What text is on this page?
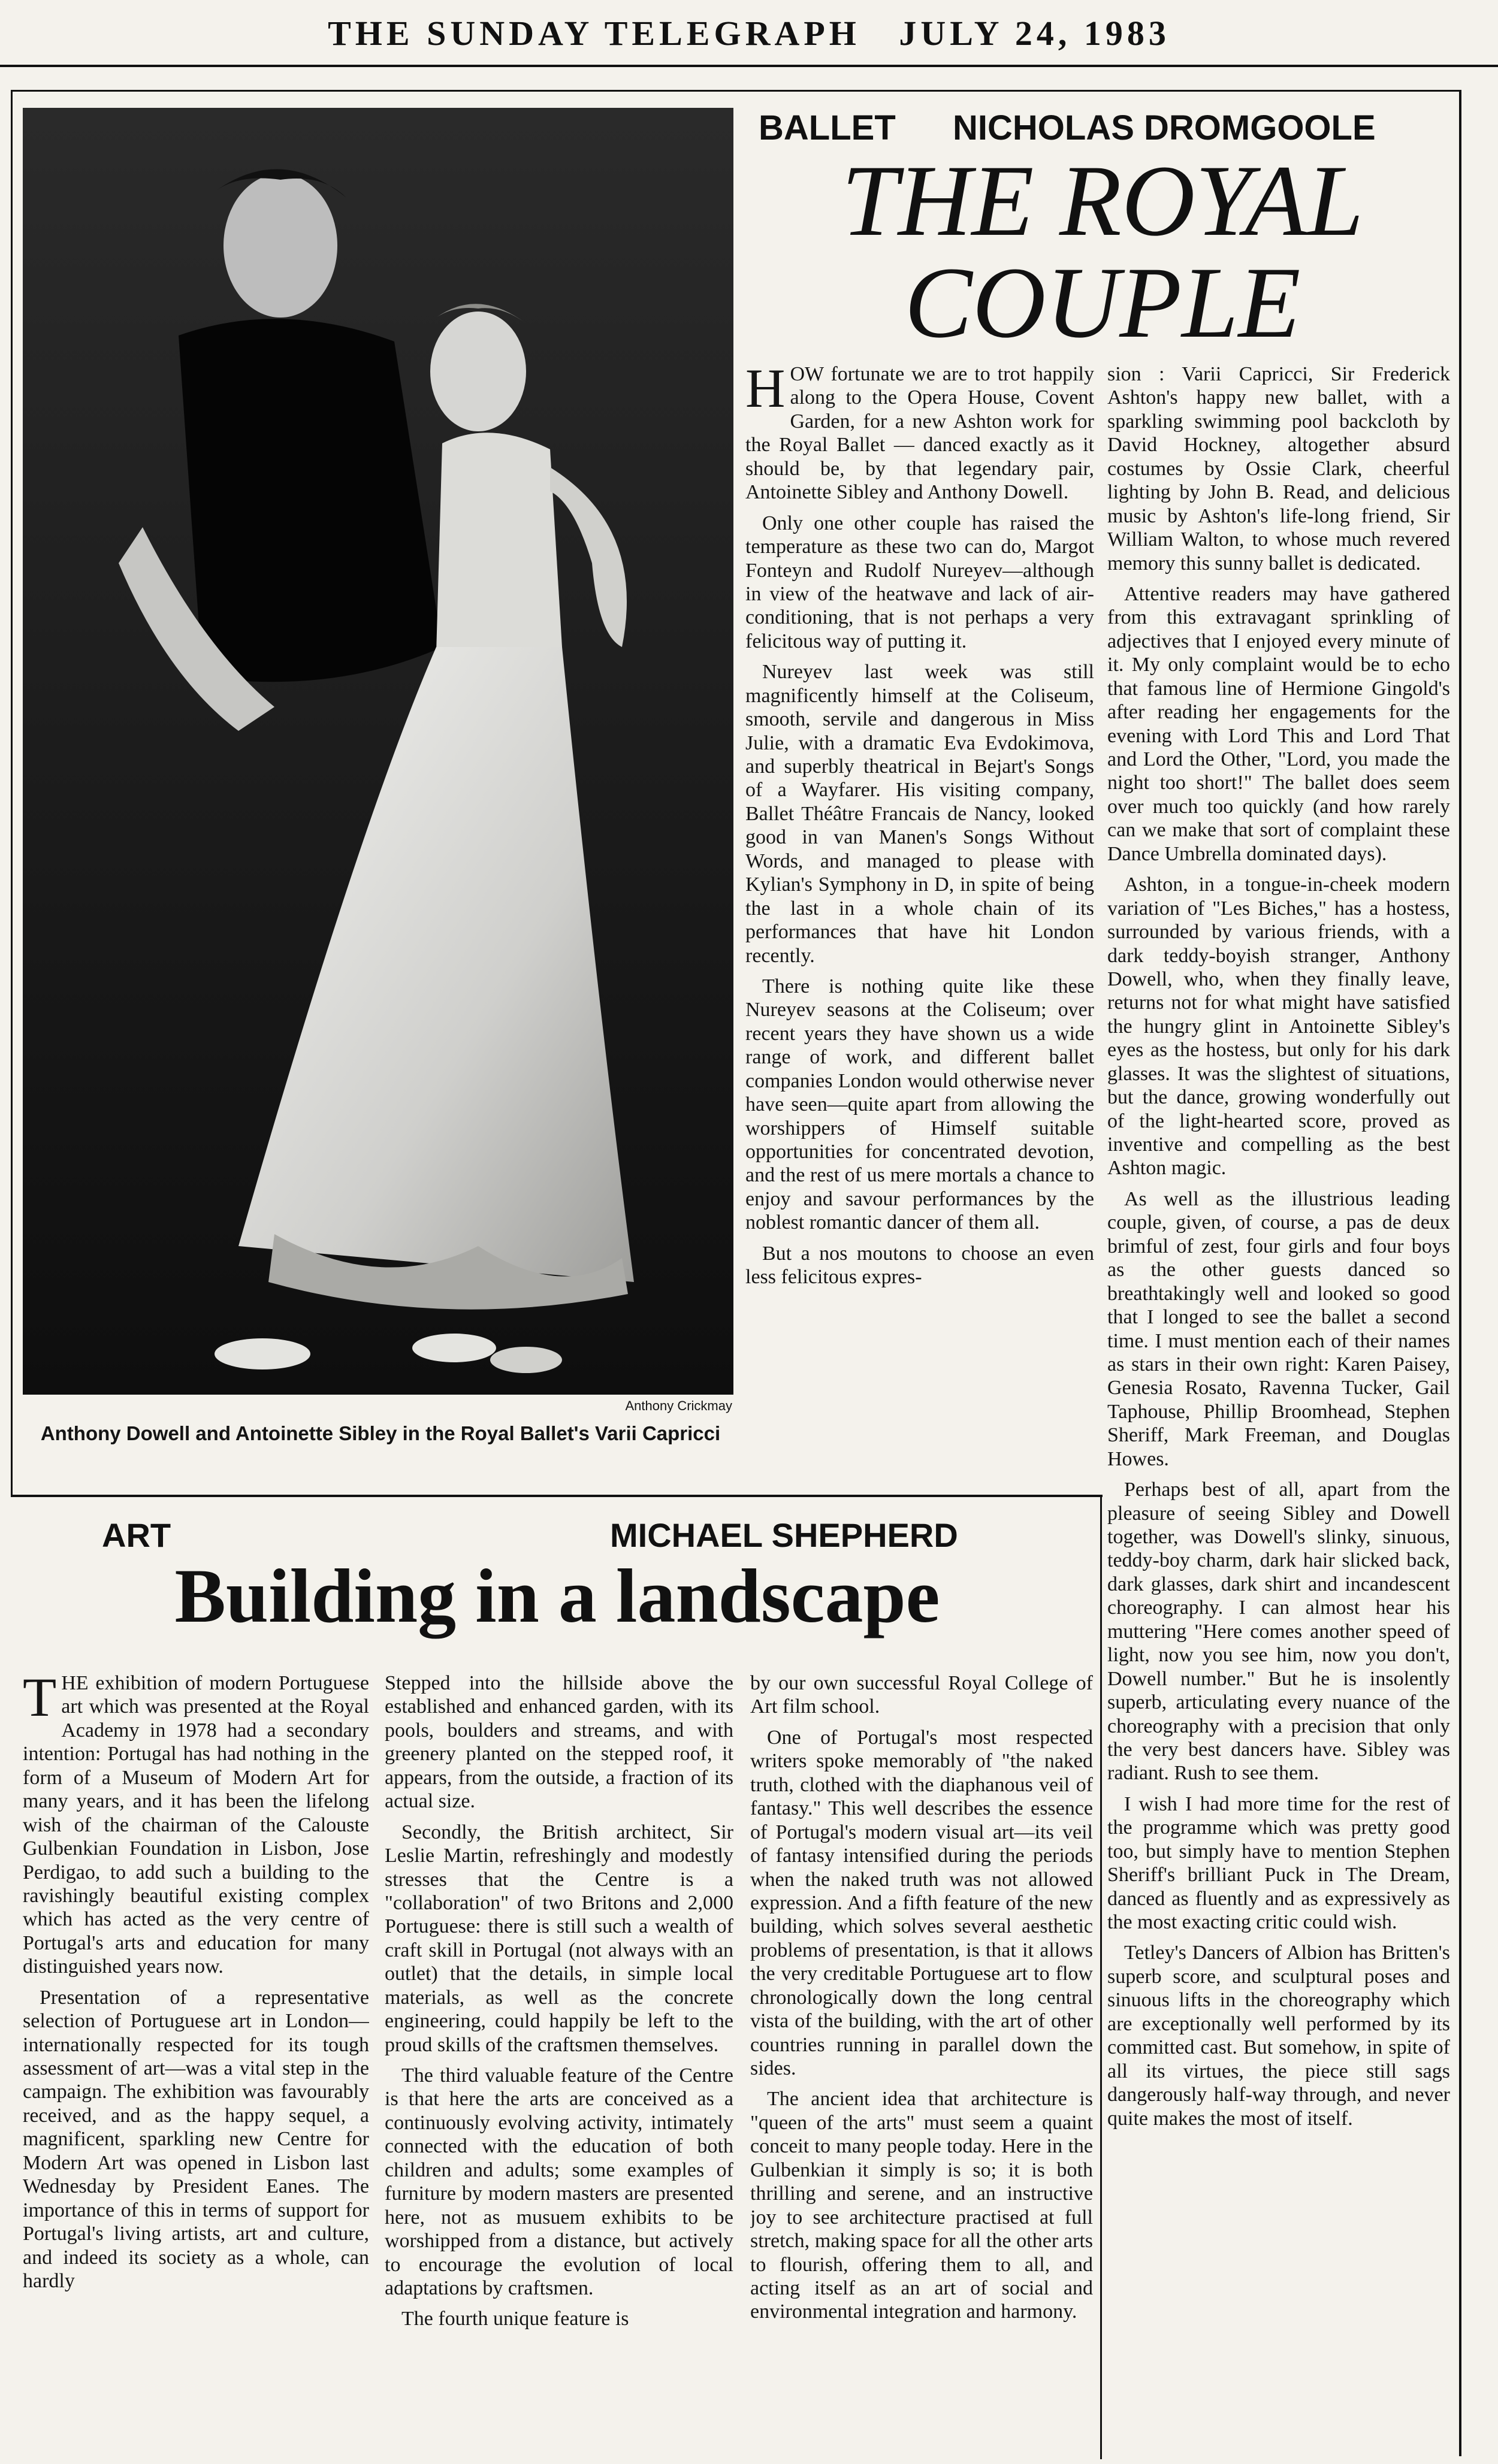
THE SUNDAY TELEGRAPH   JULY 24, 1983
Anthony Crickmay
Anthony Dowell and Antoinette Sibley in the Royal Ballet's Varii Capricci
BALLET NICHOLAS DROMGOOLE
THE ROYAL
COUPLE

HOW fortunate we are to trot happily along to the Opera House, Covent Garden, for a new Ashton work for the Royal Ballet — danced exactly as it should be, by that legendary pair, Antoinette Sibley and Anthony Dowell.

Only one other couple has raised the temperature as these two can do, Margot Fonteyn and Rudolf Nureyev—although in view of the heatwave and lack of air-conditioning, that is not perhaps a very felicitous way of putting it.

Nureyev last week was still magnificently himself at the Coliseum, smooth, servile and dangerous in Miss Julie, with a dramatic Eva Evdokimova, and superbly theatrical in Bejart's Songs of a Wayfarer. His visiting company, Ballet Théâtre Francais de Nancy, looked good in van Manen's Songs Without Words, and managed to please with Kylian's Symphony in D, in spite of being the last in a whole chain of its performances that have hit London recently.

There is nothing quite like these Nureyev seasons at the Coliseum; over recent years they have shown us a wide range of work, and different ballet companies London would otherwise never have seen—quite apart from allowing the worshippers of Himself suitable opportunities for concentrated devotion, and the rest of us mere mortals a chance to enjoy and savour performances by the noblest romantic dancer of them all.

But a nos moutons to choose an even less felicitous expres-

sion : Varii Capricci, Sir Frederick Ashton's happy new ballet, with a sparkling swimming pool backcloth by David Hockney, altogether absurd costumes by Ossie Clark, cheerful lighting by John B. Read, and delicious music by Ashton's life-long friend, Sir William Walton, to whose much revered memory this sunny ballet is dedicated.

Attentive readers may have gathered from this extravagant sprinkling of adjectives that I enjoyed every minute of it. My only complaint would be to echo that famous line of Hermione Gingold's after reading her engagements for the evening with Lord This and Lord That and Lord the Other, "Lord, you made the night too short!" The ballet does seem over much too quickly (and how rarely can we make that sort of complaint these Dance Umbrella dominated days).

Ashton, in a tongue-in-cheek modern variation of "Les Biches," has a hostess, surrounded by various friends, with a dark teddy-boyish stranger, Anthony Dowell, who, when they finally leave, returns not for what might have satisfied the hungry glint in Antoinette Sibley's eyes as the hostess, but only for his dark glasses. It was the slightest of situations, but the dance, growing wonderfully out of the light-hearted score, proved as inventive and compelling as the best Ashton magic.

As well as the illustrious leading couple, given, of course, a pas de deux brimful of zest, four girls and four boys as the other guests danced so breathtakingly well and looked so good that I longed to see the ballet a second time. I must mention each of their names as stars in their own right: Karen Paisey, Genesia Rosato, Ravenna Tucker, Gail Taphouse, Phillip Broomhead, Stephen Sheriff, Mark Freeman, and Douglas Howes.

Perhaps best of all, apart from the pleasure of seeing Sibley and Dowell together, was Dowell's slinky, sinuous, teddy-boy charm, dark hair slicked back, dark glasses, dark shirt and incandescent choreography. I can almost hear his muttering "Here comes another speed of light, now you see him, now you don't, Dowell number." But he is insolently superb, articulating every nuance of the choreography with a precision that only the very best dancers have. Sibley was radiant. Rush to see them.

I wish I had more time for the rest of the programme which was pretty good too, but simply have to mention Stephen Sheriff's brilliant Puck in The Dream, danced as fluently and as expressively as the most exacting critic could wish.

Tetley's Dancers of Albion has Britten's superb score, and sculptural poses and sinuous lifts in the choreography which are exceptionally well performed by its committed cast. But somehow, in spite of all its virtues, the piece still sags dangerously half-way through, and never quite makes the most of itself.

ART	MICHAEL SHEPHERD
Building in a landscape

THE exhibition of modern Portuguese art which was presented at the Royal Academy in 1978 had a secondary intention: Portugal has had nothing in the form of a Museum of Modern Art for many years, and it has been the lifelong wish of the chairman of the Calouste Gulbenkian Foundation in Lisbon, Jose Perdigao, to add such a building to the ravishingly beautiful existing complex which has acted as the very centre of Portugal's arts and education for many distinguished years now.

Presentation of a representative selection of Portuguese art in London—internationally respected for its tough assessment of art—was a vital step in the campaign. The exhibition was favourably received, and as the happy sequel, a magnificent, sparkling new Centre for Modern Art was opened in Lisbon last Wednesday by President Eanes. The importance of this in terms of support for Portugal's living artists, art and culture, and indeed its society as a whole, can hardly

Stepped into the hillside above the established and enhanced garden, with its pools, boulders and streams, and with greenery planted on the stepped roof, it appears, from the outside, a fraction of its actual size.

Secondly, the British architect, Sir Leslie Martin, refreshingly and modestly stresses that the Centre is a "collaboration" of two Britons and 2,000 Portuguese: there is still such a wealth of craft skill in Portugal (not always with an outlet) that the details, in simple local materials, as well as the concrete engineering, could happily be left to the proud skills of the craftsmen themselves.

The third valuable feature of the Centre is that here the arts are conceived as a continuously evolving activity, intimately connected with the education of both children and adults; some examples of furniture by modern masters are presented here, not as musuem exhibits to be worshipped from a distance, but actively to encourage the evolution of local adaptations by craftsmen.

The fourth unique feature is

by our own successful Royal College of Art film school.

One of Portugal's most respected writers spoke memorably of "the naked truth, clothed with the diaphanous veil of fantasy." This well describes the essence of Portugal's modern visual art—its veil of fantasy intensified during the periods when the naked truth was not allowed expression. And a fifth feature of the new building, which solves several aesthetic problems of presentation, is that it allows the very creditable Portuguese art to flow chronologically down the long central vista of the building, with the art of other countries running in parallel down the sides.

The ancient idea that architecture is "queen of the arts" must seem a quaint conceit to many people today. Here in the Gulbenkian it simply is so; it is both thrilling and serene, and an instructive joy to see architecture practised at full stretch, making space for all the other arts to flourish, offering them to all, and acting itself as an art of social and environmental integration and harmony.
